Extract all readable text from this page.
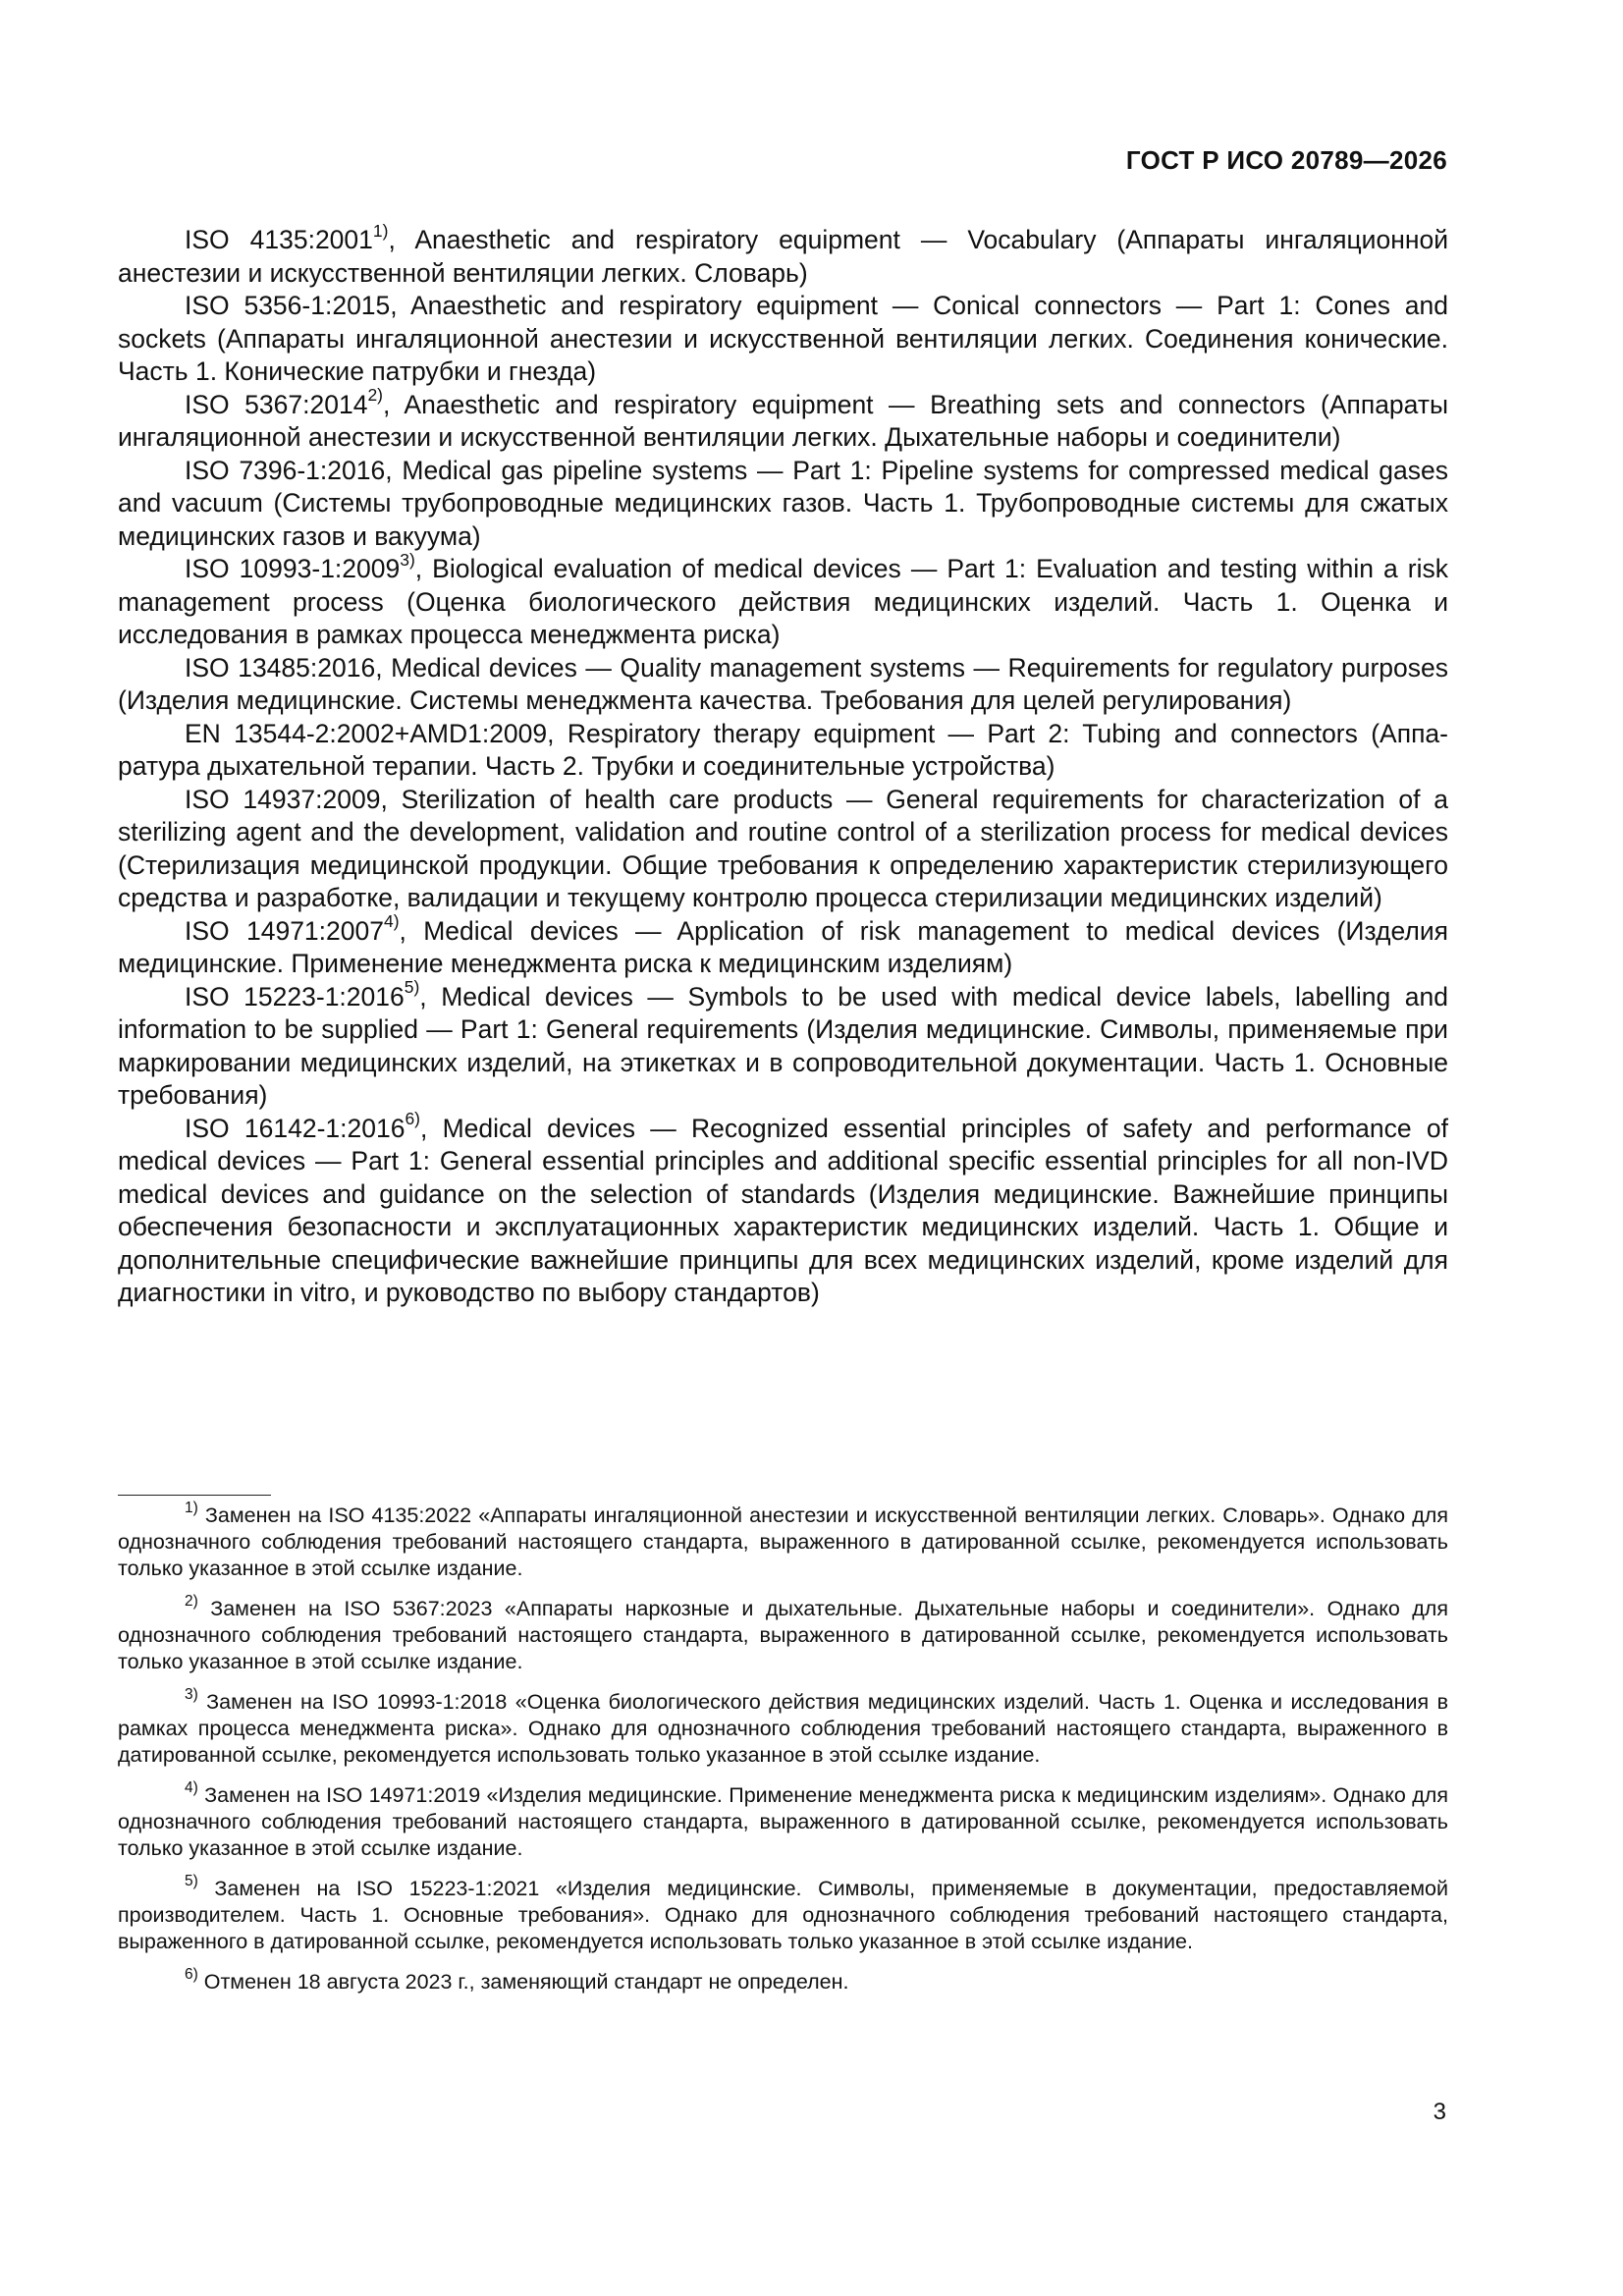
ГОСТ Р ИСО 20789—2026

ISO 4135:2001$^{1)}$, Anaesthetic and respiratory equipment — Vocabulary (Аппараты ингаляционной анестезии и искусственной вентиляции легких. Словарь)

ISO 5356-1:2015, Anaesthetic and respiratory equipment — Conical connectors — Part 1: Cones and sockets (Аппараты ингаляционной анестезии и искусственной вентиляции легких. Соединения конические. Часть 1. Конические патрубки и гнезда)

ISO 5367:2014$^{2)}$, Anaesthetic and respiratory equipment — Breathing sets and connectors (Аппараты ингаляционной анестезии и искусственной вентиляции легких. Дыхательные наборы и соединители)

ISO 7396-1:2016, Medical gas pipeline systems — Part 1: Pipeline systems for compressed medical gases and vacuum (Системы трубопроводные медицинских газов. Часть 1. Трубопроводные системы для сжатых медицинских газов и вакуума)

ISO 10993-1:2009$^{3)}$, Biological evaluation of medical devices — Part 1: Evaluation and testing within a risk management process (Оценка биологического действия медицинских изделий. Часть 1. Оценка и исследования в рамках процесса менеджмента риска)

ISO 13485:2016, Medical devices — Quality management systems — Requirements for regulatory purposes (Изделия медицинские. Системы менеджмента качества. Требования для целей регулирования)

EN 13544-2:2002+AMD1:2009, Respiratory therapy equipment — Part 2: Tubing and connectors (Аппаратура дыхательной терапии. Часть 2. Трубки и соединительные устройства)

ISO 14937:2009, Sterilization of health care products — General requirements for characterization of a sterilizing agent and the development, validation and routine control of a sterilization process for medical devices (Стерилизация медицинской продукции. Общие требования к определению характеристик стерилизующего средства и разработке, валидации и текущему контролю процесса стерилизации медицинских изделий)

ISO 14971:2007$^{4)}$, Medical devices — Application of risk management to medical devices (Изделия медицинские. Применение менеджмента риска к медицинским изделиям)

ISO 15223-1:2016$^{5)}$, Medical devices — Symbols to be used with medical device labels, labelling and information to be supplied — Part 1: General requirements (Изделия медицинские. Символы, применяемые при маркировании медицинских изделий, на этикетках и в сопроводительной документации. Часть 1. Основные требования)

ISO 16142-1:2016$^{6)}$, Medical devices — Recognized essential principles of safety and performance of medical devices — Part 1: General essential principles and additional specific essential principles for all non-IVD medical devices and guidance on the selection of standards (Изделия медицинские. Важнейшие принципы обеспечения безопасности и эксплуатационных характеристик медицинских изделий. Часть 1. Общие и дополнительные специфические важнейшие принципы для всех медицинских изделий, кроме изделий для диагностики in vitro, и руководство по выбору стандартов)

$^{1)}$ Заменен на ISO 4135:2022 «Аппараты ингаляционной анестезии и искусственной вентиляции легких. Словарь». Однако для однозначного соблюдения требований настоящего стандарта, выраженного в датированной ссылке, рекомендуется использовать только указанное в этой ссылке издание.

$^{2)}$ Заменен на ISO 5367:2023 «Аппараты наркозные и дыхательные. Дыхательные наборы и соединители». Однако для однозначного соблюдения требований настоящего стандарта, выраженного в датированной ссылке, рекомендуется использовать только указанное в этой ссылке издание.

$^{3)}$ Заменен на ISO 10993-1:2018 «Оценка биологического действия медицинских изделий. Часть 1. Оценка и исследования в рамках процесса менеджмента риска». Однако для однозначного соблюдения требований настоящего стандарта, выраженного в датированной ссылке, рекомендуется использовать только указанное в этой ссылке издание.

$^{4)}$ Заменен на ISO 14971:2019 «Изделия медицинские. Применение менеджмента риска к медицинским изделиям». Однако для однозначного соблюдения требований настоящего стандарта, выраженного в датированной ссылке, рекомендуется использовать только указанное в этой ссылке издание.

$^{5)}$ Заменен на ISO 15223-1:2021 «Изделия медицинские. Символы, применяемые в документации, предоставляемой производителем. Часть 1. Основные требования». Однако для однозначного соблюдения требований настоящего стандарта, выраженного в датированной ссылке, рекомендуется использовать только указанное в этой ссылке издание.

$^{6)}$ Отменен 18 августа 2023 г., заменяющий стандарт не определен.

3
